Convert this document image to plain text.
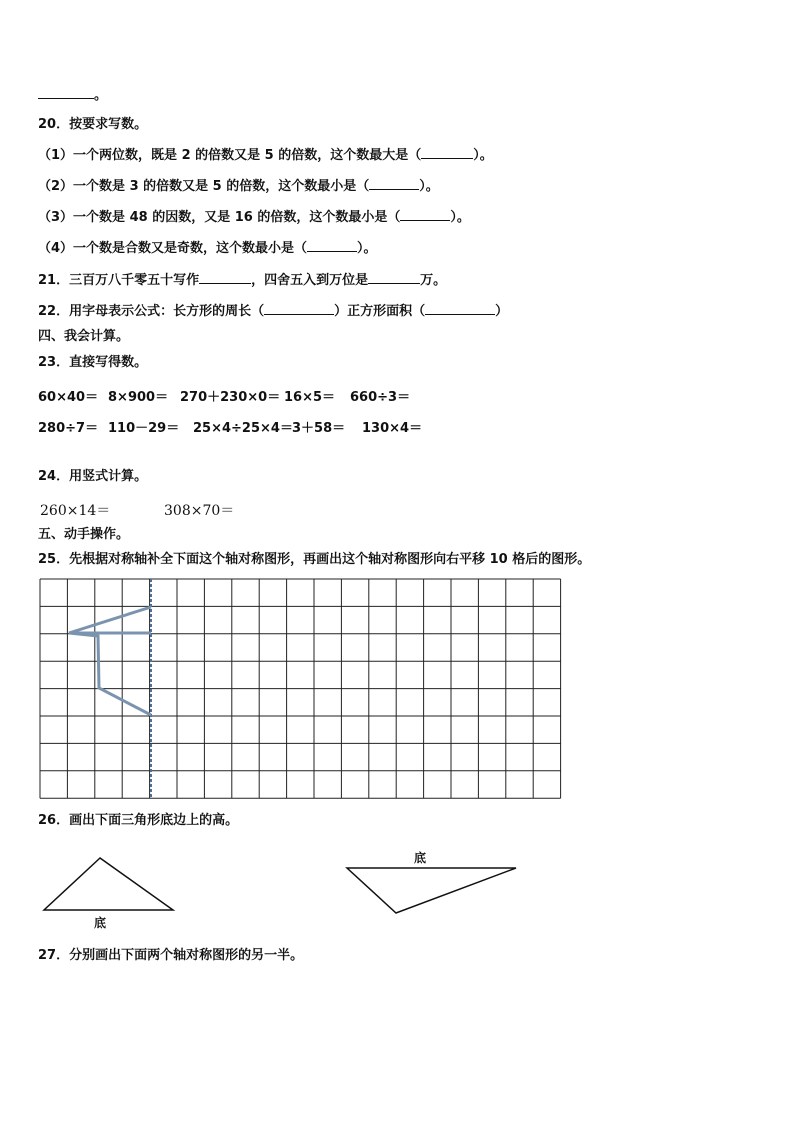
。
20．按要求写数。
（1）一个两位数，既是 2 的倍数又是 5 的倍数，这个数最大是（	）。
（2）一个数是 3 的倍数又是 5 的倍数，这个数最小是（	）。
（3）一个数是 48 的因数，又是 16 的倍数，这个数最小是（	）。
（4）一个数是合数又是奇数，这个数最小是（	）。
21．三百万八千零五十写作	，四舍五入到万位是	万。
22．用字母表示公式：长方形的周长（	）正方形面积（	）
四、我会计算。
23．直接写得数。
60×40＝ 8×900＝ 270＋230×0＝ 16×5＝ 660÷3＝
280÷7＝ 110－29＝ 25×4÷25×4＝ 3＋58＝ 130×4＝
24．用竖式计算。
260×14＝	308×70＝
五、动手操作。
25．先根据对称轴补全下面这个轴对称图形，再画出这个轴对称图形向右平移 10 格后的图形。
26．画出下面三角形底边上的高。
底
底
27．分别画出下面两个轴对称图形的另一半。
